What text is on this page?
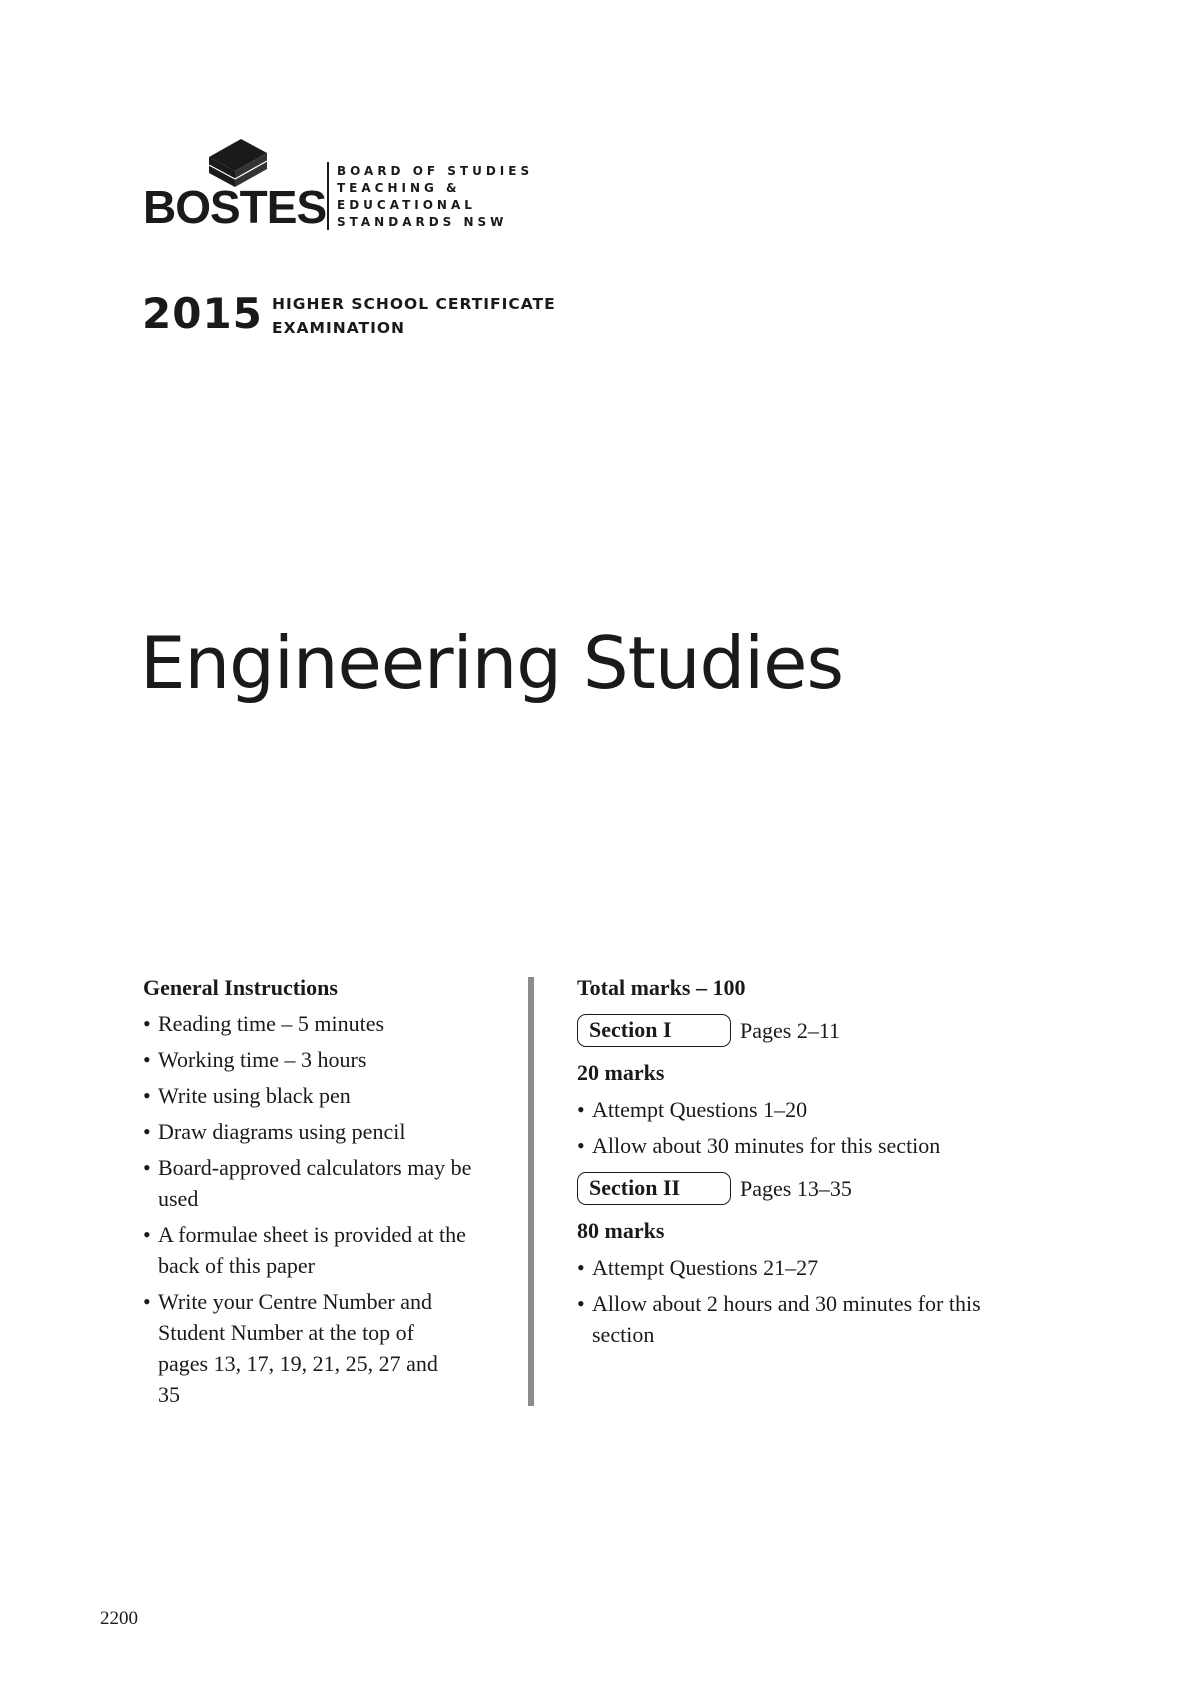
BOSTES
BOARD OF STUDIES
TEACHING &
EDUCATIONAL
STANDARDS NSW
2015 HIGHER SCHOOL CERTIFICATE
EXAMINATION
Engineering Studies
General Instructions
• Reading time – 5 minutes
• Working time – 3 hours
• Write using black pen
• Draw diagrams using pencil
• Board-approved calculators may be used
• A formulae sheet is provided at the back of this paper
• Write your Centre Number and Student Number at the top of pages 13, 17, 19, 21, 25, 27 and 35
Total marks – 100
Section I	Pages 2–11
20 marks
• Attempt Questions 1–20
• Allow about 30 minutes for this section
Section II	Pages 13–35
80 marks
• Attempt Questions 21–27
• Allow about 2 hours and 30 minutes for this section
2200
